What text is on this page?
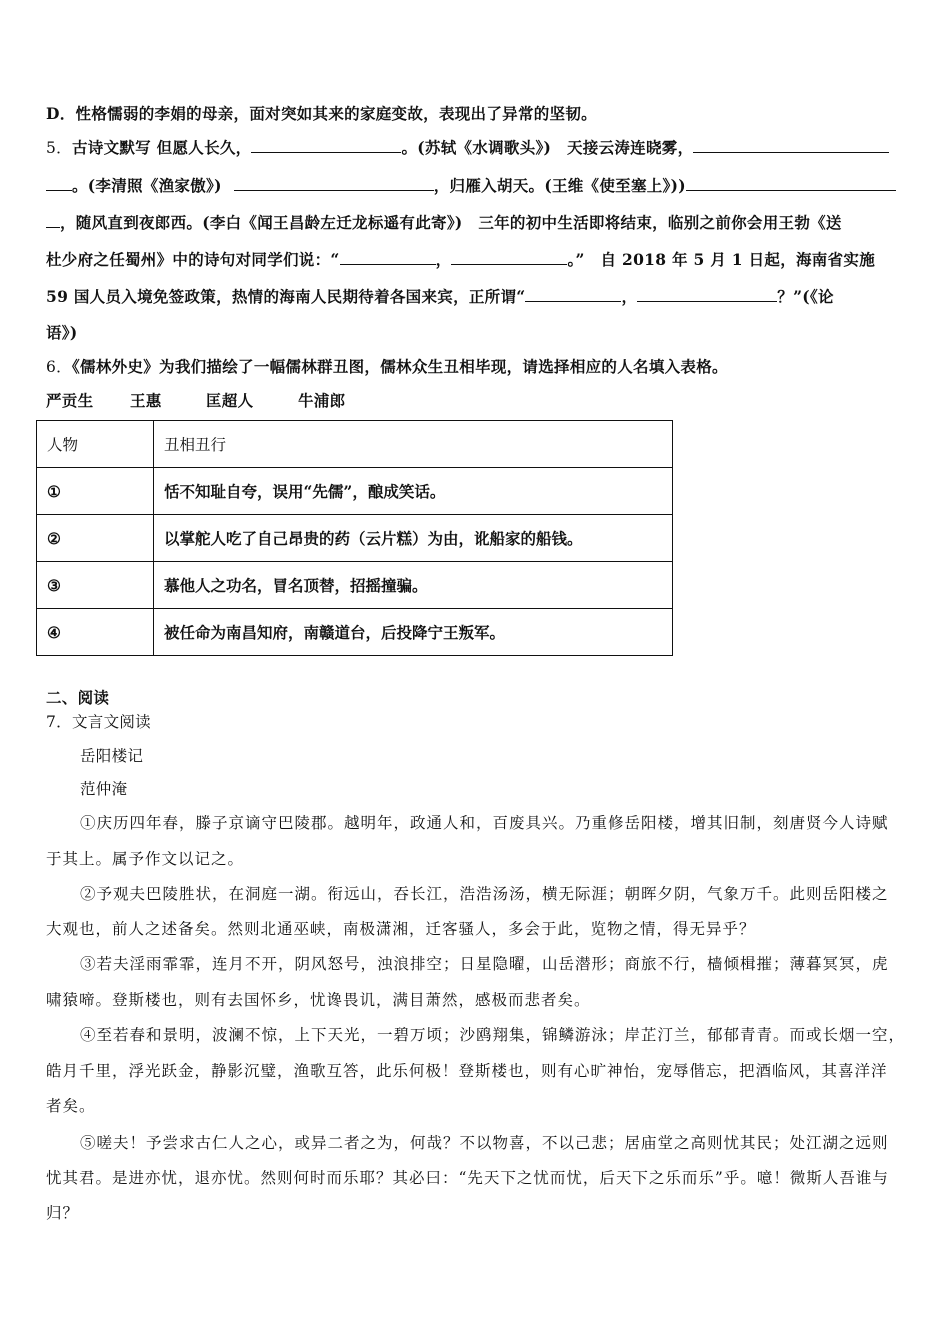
D．性格懦弱的李娟的母亲，面对突如其来的家庭变故，表现出了异常的坚韧。
5．古诗文默写 但愿人长久，	。(苏轼《水调歌头》)　天接云涛连晓雾，
。(李清照《渔家傲》)	，归雁入胡天。(王维《使至塞上》))
，随风直到夜郎西。(李白《闻王昌龄左迁龙标遥有此寄》)　三年的初中生活即将结束，临别之前你会用王勃《送
杜少府之任蜀州》中的诗句对同学们说：“	，	。”　自 2018 年 5 月 1 日起，海南省实施
59 国人员入境免签政策，热情的海南人民期待着各国来宾，正所谓“	，	？”(《论
语》)
6．《儒林外史》为我们描绘了一幅儒林群丑图，儒林众生丑相毕现，请选择相应的人名填入表格。
严贡生 王惠	匡超人	牛浦郎
人物	丑相丑行
①	恬不知耻自夸，误用“先儒”，酿成笑话。
②	以掌舵人吃了自己昂贵的药（云片糕）为由，讹船家的船钱。
③	慕他人之功名，冒名顶替，招摇撞骗。
④	被任命为南昌知府，南赣道台，后投降宁王叛军。
二、阅读
7．文言文阅读
岳阳楼记
范仲淹
①庆历四年春，滕子京谪守巴陵郡。越明年，政通人和，百废具兴。乃重修岳阳楼，增其旧制，刻唐贤今人诗赋
于其上。属予作文以记之。
②予观夫巴陵胜状，在洞庭一湖。衔远山，吞长江，浩浩汤汤，横无际涯；朝晖夕阴，气象万千。此则岳阳楼之
大观也，前人之述备矣。然则北通巫峡，南极潇湘，迁客骚人，多会于此，览物之情，得无异乎？
③若夫淫雨霏霏，连月不开，阴风怒号，浊浪排空；日星隐曜，山岳潜形；商旅不行，樯倾楫摧；薄暮冥冥，虎
啸猿啼。登斯楼也，则有去国怀乡，忧谗畏讥，满目萧然，感极而悲者矣。
④至若春和景明，波澜不惊，上下天光，一碧万顷；沙鸥翔集，锦鳞游泳；岸芷汀兰，郁郁青青。而或长烟一空，
皓月千里，浮光跃金，静影沉璧，渔歌互答，此乐何极！登斯楼也，则有心旷神怡，宠辱偕忘，把酒临风，其喜洋洋
者矣。
⑤嗟夫！予尝求古仁人之心，或异二者之为，何哉？不以物喜，不以己悲；居庙堂之高则忧其民；处江湖之远则
忧其君。是进亦忧，退亦忧。然则何时而乐耶？其必曰：“先天下之忧而忧，后天下之乐而乐”乎。噫！微斯人吾谁与
归？
